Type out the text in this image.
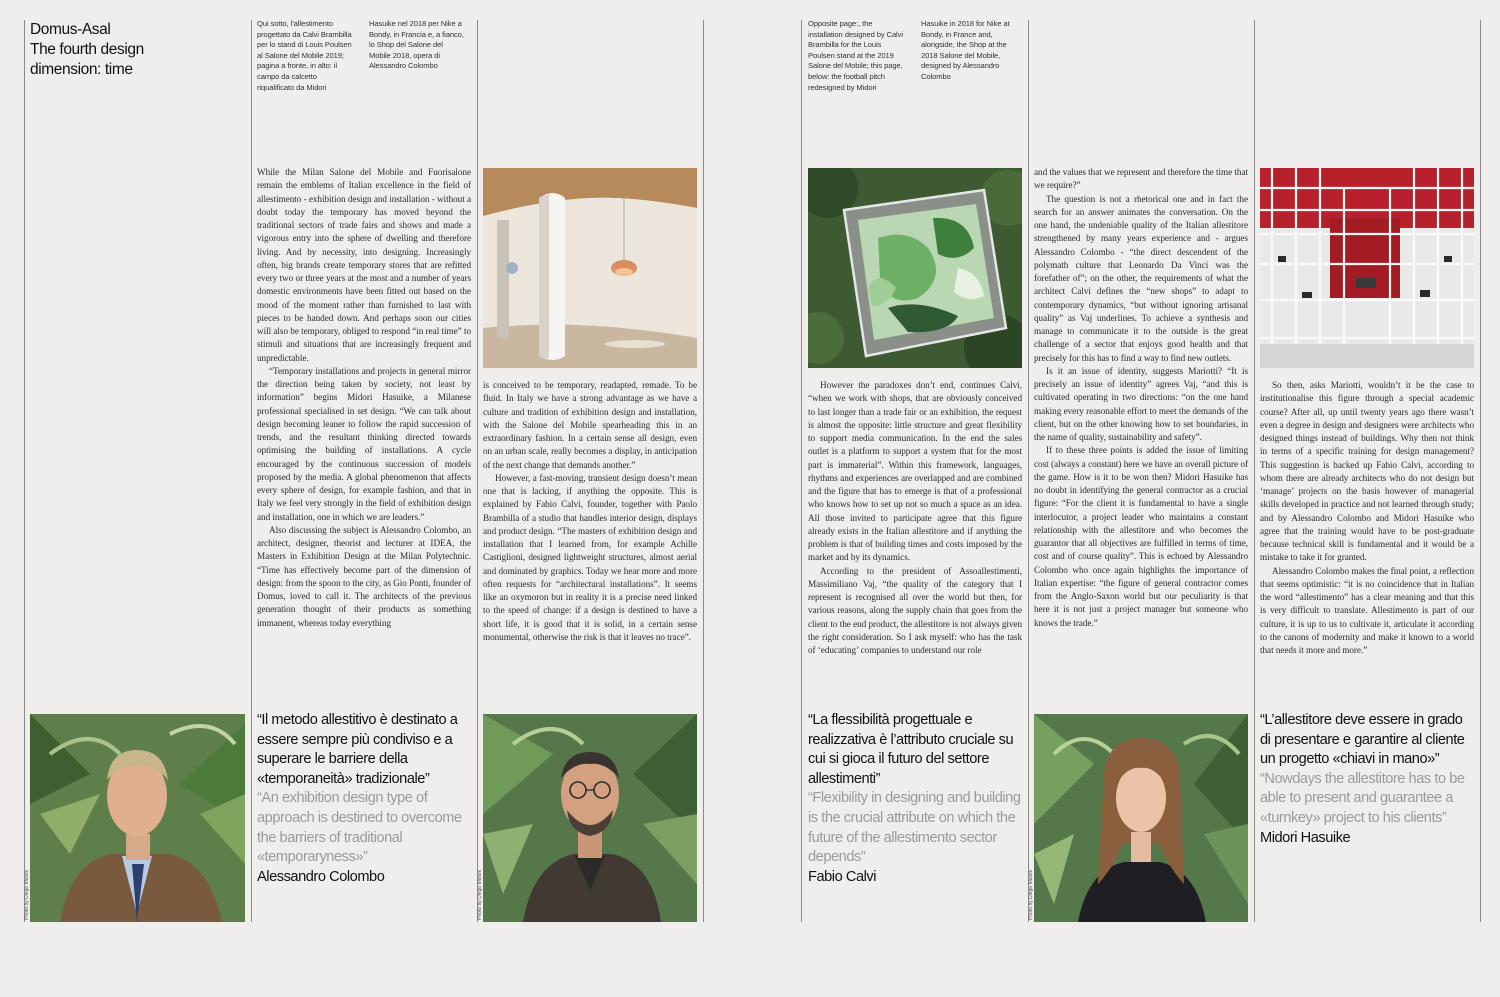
Domus-Asal
The fourth design
dimension: time

Qui sotto, l’allestimento progettato da Calvi Brambilla per lo stand di Louis Poulsen al Salone del Mobile 2019; pagina a fronte, in alto: il campo da calcetto riqualificato da Midori

Hasuike nel 2018 per Nike a Bondy, in Francia e, a fianco, lo Shop del Salone del Mobile 2018, opera di Alessandro Colombo

Opposite page:, the installation designed by Calvi Brambilla for the Louis Poulsen stand at the 2019 Salone del Mobile; this page, below: the football pitch redesigned by Midori

Hasuike in 2018 for Nike at Bondy, in France and, alongside, the Shop at the 2018 Salone del Mobile, designed by Alessandro Colombo

While the Milan Salone del Mobile and Fuorisalone remain the emblems of Italian excellence in the field of allestimento - exhibition design and installation - without a doubt today the temporary has moved beyond the traditional sectors of trade fairs and shows and made a vigorous entry into the sphere of dwelling and therefore living. And by necessity, into designing. Increasingly often, big brands create temporary stores that are refitted every two or three years at the most and a number of years domestic environments have been fitted out based on the mood of the moment rather than furnished to last with pieces to be handed down. And perhaps soon our cities will also be temporary, obliged to respond “in real time” to stimuli and situations that are increasingly frequent and unpredictable.

“Temporary installations and projects in general mirror the direction being taken by society, not least by information” begins Midori Hasuike, a Milanese professional specialised in set design. “We can talk about design becoming leaner to follow the rapid succession of trends, and the resultant thinking directed towards optimising the building of installations. A cycle encouraged by the continuous succession of models proposed by the media. A global phenomenon that affects every sphere of design, for example fashion, and that in Italy we feel very strongly in the field of exhibition design and installation, one in which we are leaders.”

Also discussing the subject is Alessandro Colombo, an architect, designer, theorist and lecturer at IDEA, the Masters in Exhibition Design at the Milan Polytechnic. “Time has effectively become part of the dimension of design: from the spoon to the city, as Gio Ponti, founder of Domus, loved to call it. The architects of the previous generation thought of their products as something immanent, whereas today everything

is conceived to be temporary, readapted, remade. To be fluid. In Italy we have a strong advantage as we have a culture and tradition of exhibition design and installation, with the Salone del Mobile spearheading this in an extraordinary fashion. In a certain sense all design, even on an urban scale, really becomes a display, in anticipation of the next change that demands another.”

However, a fast-moving, transient design doesn’t mean one that is lacking, if anything the opposite. This is explained by Fabio Calvi, founder, together with Paolo Brambilla of a studio that handles interior design, displays and product design. “The masters of exhibition design and installation that I learned from, for example Achille Castiglioni, designed lightweight structures, almost aerial and dominated by graphics. Today we hear more and more often requests for “architectural installations”. It seems like an oxymoron but in reality it is a precise need linked to the speed of change: if a design is destined to have a short life, it is good that it is solid, in a certain sense monumental, otherwise the risk is that it leaves no trace”.

However the paradoxes don’t end, continues Calvi, “when we work with shops, that are obviously conceived to last longer than a trade fair or an exhibition, the request is almost the opposite: little structure and great flexibility to support media communication. In the end the sales outlet is a platform to support a system that for the most part is immaterial”. Within this framework, languages, rhythms and experiences are overlapped and are combined and the figure that has to emerge is that of a professional who knows how to set up not so much a space as an idea. All those invited to participate agree that this figure already exists in the Italian allestitore and if anything the problem is that of building times and costs imposed by the market and by its dynamics.

According to the president of Assoallestimenti, Massimiliano Vaj, “the quality of the category that I represent is recognised all over the world but then, for various reasons, along the supply chain that goes from the client to the end product, the allestitore is not always given the right consideration. So I ask myself: who has the task of ‘educating’ companies to understand our role

and the values that we represent and therefore the time that we require?”

The question is not a rhetorical one and in fact the search for an answer animates the conversation. On the one hand, the undeniable quality of the Italian allestitore strengthened by many years experience and - argues Alessandro Colombo - “the direct descendent of the polymath culture that Leonardo Da Vinci was the forefather of”; on the other, the requirements of what the architect Calvi defines the “new shops” to adapt to contemporary dynamics, “but without ignoring artisanal quality” as Vaj underlines. To achieve a synthesis and manage to communicate it to the outside is the great challenge of a sector that enjoys good health and that precisely for this has to find a way to find new outlets.

Is it an issue of identity, suggests Mariotti? “It is precisely an issue of identity” agrees Vaj, “and this is cultivated operating in two directions: “on the one hand making every reasonable effort to meet the demands of the client, but on the other knowing how to set boundaries, in the name of quality, sustainability and safety”.

If to these three points is added the issue of limiting cost (always a constant) here we have an overall picture of the game. How is it to be won then? Midori Hasuike has no doubt in identifying the general contractor as a crucial figure: “For the client it is fundamental to have a single interlocutor, a project leader who maintains a constant relationship with the allestitore and who becomes the guarantor that all objectives are fulfilled in terms of time, cost and of course quality”. This is echoed by Alessandro Colombo who once again highlights the importance of Italian expertise: “the figure of general contractor comes from the Anglo-Saxon world but our peculiarity is that here it is not just a project manager but someone who knows the trade.”

So then, asks Mariotti, wouldn’t it be the case to institutionalise this figure through a special academic course? After all, up until twenty years ago there wasn’t even a degree in design and designers were architects who designed things instead of buildings. Why then not think in terms of a specific training for design management? This suggestion is backed up Fabio Calvi, according to whom there are already architects who do not design but ‘manage’ projects on the basis however of managerial skills developed in practice and not learned through study; and by Alessandro Colombo and Midori Hasuike who agree that the training would have to be post-graduate because technical skill is fundamental and it would be a mistake to take it for granted.

Alessandro Colombo makes the final point, a reflection that seems optimistic: “it is no coincidence that in Italian the word “allestimento” has a clear meaning and that this is very difficult to translate. Allestimento is part of our culture, it is up to us to cultivate it, articulate it according to the canons of modernity and make it known to a world that needs it more and more.”

Photo by Diego Maioni	Photo by Diego Maioni	Photo by Diego Maioni
“Il metodo allestitivo è destinato a essere sempre più condiviso e a superare le barriere della «temporaneità» tradizionale”
“An exhibition design type of approach is destined to overcome the barriers of traditional «temporaryness»”
Alessandro Colombo
“La flessibilità progettuale e realizzativa è l’attributo cruciale su cui si gioca il futuro del settore allestimenti”
“Flexibility in designing and building is the crucial attribute on which the future of the allestimento sector depends”
Fabio Calvi
“L’allestitore deve essere in grado di presentare e garantire al cliente un progetto «chiavi in mano»”
“Nowdays the allestitore has to be able to present and guarantee a «turnkey» project to his clients”
Midori Hasuike
